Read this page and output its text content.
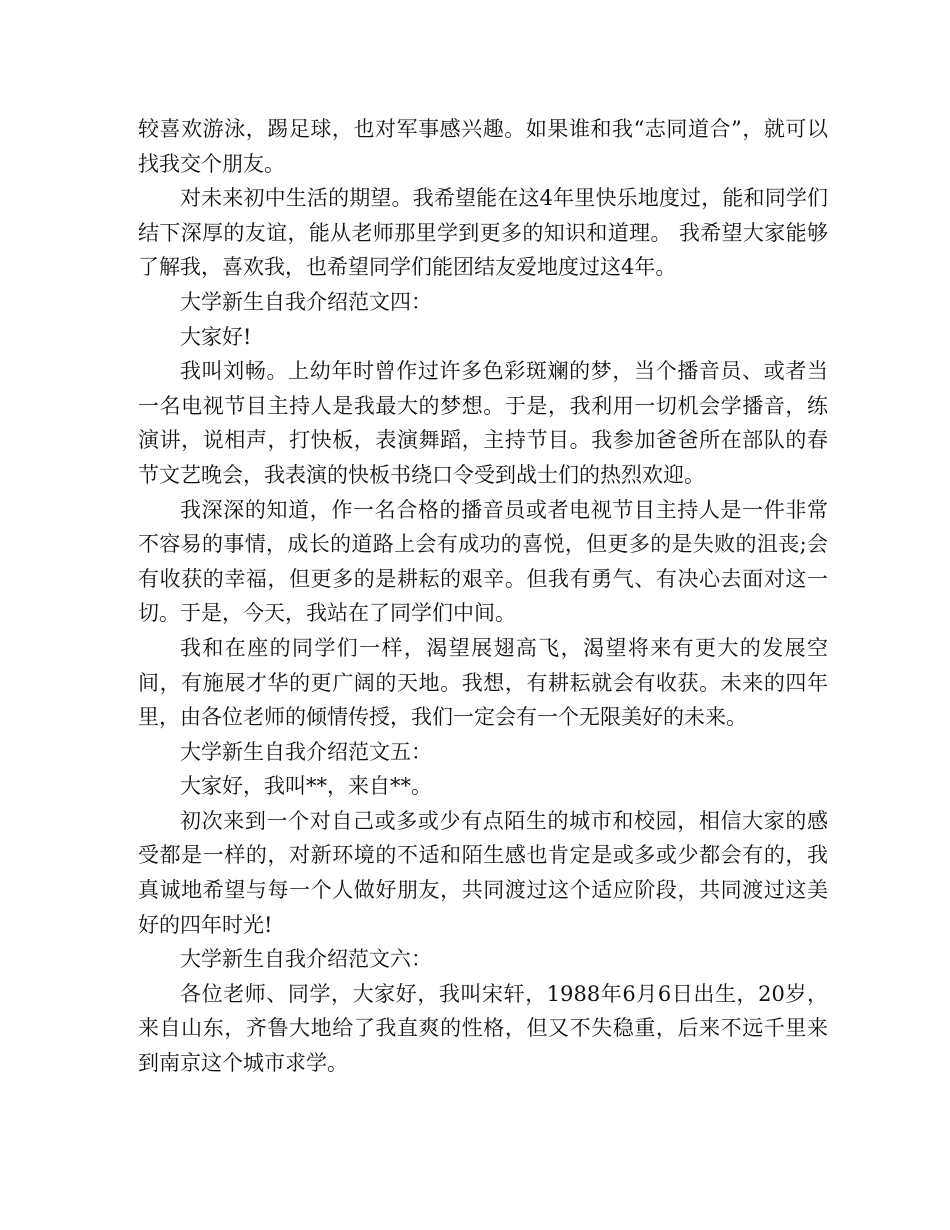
较喜欢游泳，踢足球，也对军事感兴趣。如果谁和我“志同道合”，就可以找我交个朋友。

对未来初中生活的期望。我希望能在这4年里快乐地度过，能和同学们结下深厚的友谊，能从老师那里学到更多的知识和道理。 我希望大家能够了解我，喜欢我，也希望同学们能团结友爱地度过这4年。

大学新生自我介绍范文四：

大家好!

我叫刘畅。上幼年时曾作过许多色彩斑斓的梦，当个播音员、或者当一名电视节目主持人是我最大的梦想。于是，我利用一切机会学播音，练演讲，说相声，打快板，表演舞蹈，主持节目。我参加爸爸所在部队的春节文艺晚会，我表演的快板书绕口令受到战士们的热烈欢迎。

我深深的知道，作一名合格的播音员或者电视节目主持人是一件非常不容易的事情，成长的道路上会有成功的喜悦，但更多的是失败的沮丧;会有收获的幸福，但更多的是耕耘的艰辛。但我有勇气、有决心去面对这一切。于是，今天，我站在了同学们中间。

我和在座的同学们一样，渴望展翅高飞，渴望将来有更大的发展空间，有施展才华的更广阔的天地。我想，有耕耘就会有收获。未来的四年里，由各位老师的倾情传授，我们一定会有一个无限美好的未来。

大学新生自我介绍范文五：

大家好，我叫**，来自**。

初次来到一个对自己或多或少有点陌生的城市和校园，相信大家的感受都是一样的，对新环境的不适和陌生感也肯定是或多或少都会有的，我真诚地希望与每一个人做好朋友，共同渡过这个适应阶段，共同渡过这美好的四年时光!

大学新生自我介绍范文六：

各位老师、同学，大家好，我叫宋轩，1988年6月6日出生，20岁，来自山东，齐鲁大地给了我直爽的性格，但又不失稳重，后来不远千里来到南京这个城市求学。
